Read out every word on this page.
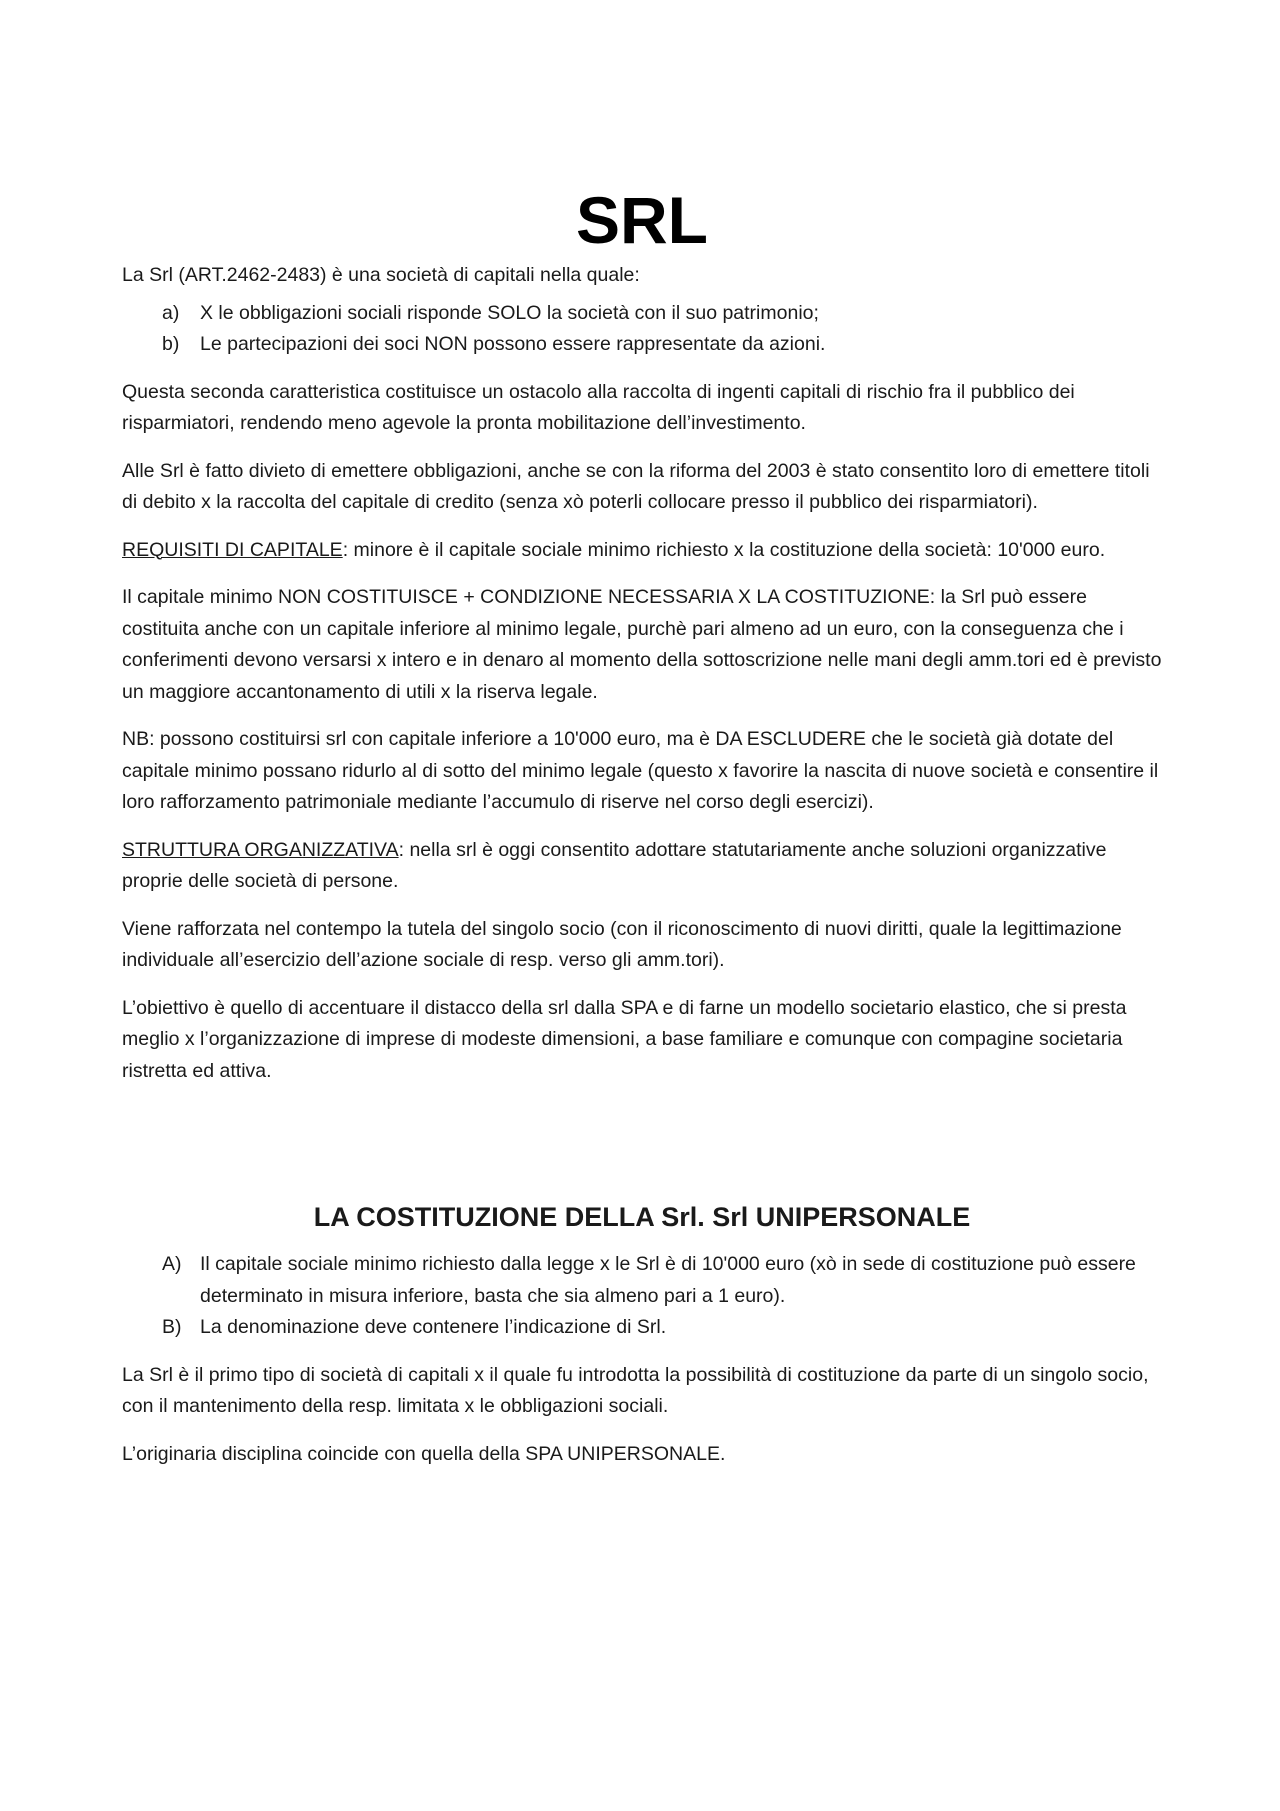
SRL

La Srl (ART.2462-2483) è una società di capitali nella quale:

a) X le obbligazioni sociali risponde SOLO la società con il suo patrimonio;
b) Le partecipazioni dei soci NON possono essere rappresentate da azioni.

Questa seconda caratteristica costituisce un ostacolo alla raccolta di ingenti capitali di rischio fra il pubblico dei risparmiatori, rendendo meno agevole la pronta mobilitazione dell’investimento.

Alle Srl è fatto divieto di emettere obbligazioni, anche se con la riforma del 2003 è stato consentito loro di emettere titoli di debito x la raccolta del capitale di credito (senza xò poterli collocare presso il pubblico dei risparmiatori).

REQUISITI DI CAPITALE: minore è il capitale sociale minimo richiesto x la costituzione della società: 10'000 euro.

Il capitale minimo NON COSTITUISCE + CONDIZIONE NECESSARIA X LA COSTITUZIONE: la Srl può essere costituita anche con un capitale inferiore al minimo legale, purchè pari almeno ad un euro, con la conseguenza che i conferimenti devono versarsi x intero e in denaro al momento della sottoscrizione nelle mani degli amm.tori ed è previsto un maggiore accantonamento di utili x la riserva legale.

NB: possono costituirsi srl con capitale inferiore a 10'000 euro, ma è DA ESCLUDERE che le società già dotate del capitale minimo possano ridurlo al di sotto del minimo legale (questo x favorire la nascita di nuove società e consentire il loro rafforzamento patrimoniale mediante l’accumulo di riserve nel corso degli esercizi).

STRUTTURA ORGANIZZATIVA: nella srl è oggi consentito adottare statutariamente anche soluzioni organizzative proprie delle società di persone.

Viene rafforzata nel contempo la tutela del singolo socio (con il riconoscimento di nuovi diritti, quale la legittimazione individuale all’esercizio dell’azione sociale di resp. verso gli amm.tori).

L’obiettivo è quello di accentuare il distacco della srl dalla SPA e di farne un modello societario elastico, che si presta meglio x l’organizzazione di imprese di modeste dimensioni, a base familiare e comunque con compagine societaria ristretta ed attiva.

LA COSTITUZIONE DELLA Srl. Srl UNIPERSONALE
A) Il capitale sociale minimo richiesto dalla legge x le Srl è di 10'000 euro (xò in sede di costituzione può essere determinato in misura inferiore, basta che sia almeno pari a 1 euro).
B) La denominazione deve contenere l’indicazione di Srl.

La Srl è il primo tipo di società di capitali x il quale fu introdotta la possibilità di costituzione da parte di un singolo socio, con il mantenimento della resp. limitata x le obbligazioni sociali.

L’originaria disciplina coincide con quella della SPA UNIPERSONALE.
